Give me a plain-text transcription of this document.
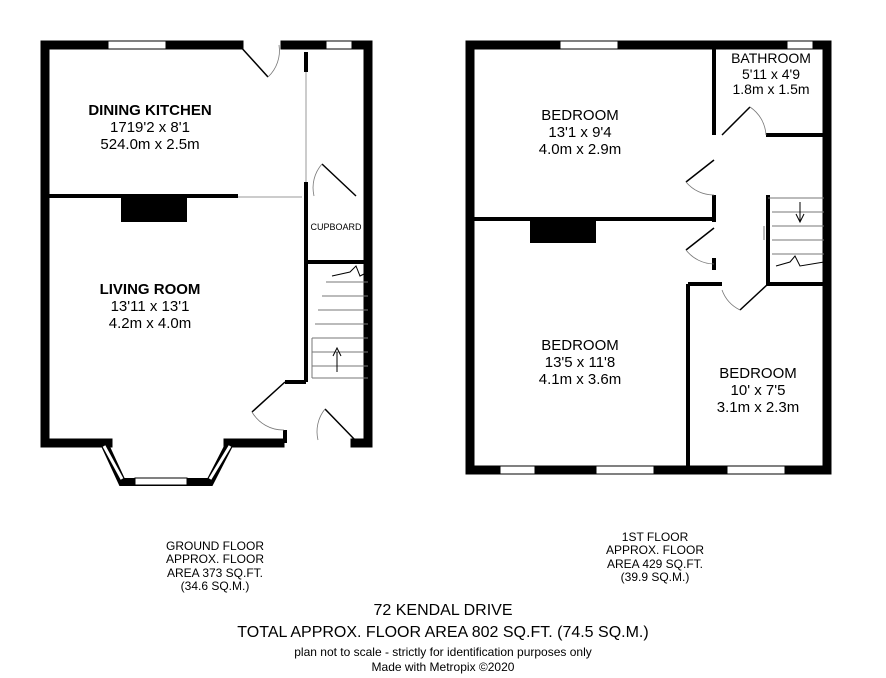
DINING KITCHEN
1719'2 x 8'1
524.0m x 2.5m
LIVING ROOM
13'11 x 13'1
4.2m x 4.0m
CUPBOARD
BATHROOM
5'11 x 4'9
1.8m x 1.5m
BEDROOM
13'1 x 9'4
4.0m x 2.9m
BEDROOM
13'5 x 11'8
4.1m x 3.6m	BEDROOM
10' x 7'5
3.1m x 2.3m
GROUND FLOOR
APPROX. FLOOR
AREA 373 SQ.FT.
(34.6 SQ.M.)
1ST FLOOR
APPROX. FLOOR
AREA 429 SQ.FT.
(39.9 SQ.M.)
72 KENDAL DRIVE
TOTAL APPROX. FLOOR AREA 802 SQ.FT. (74.5 SQ.M.)
plan not to scale - strictly for identification purposes only
Made with Metropix ©2020
